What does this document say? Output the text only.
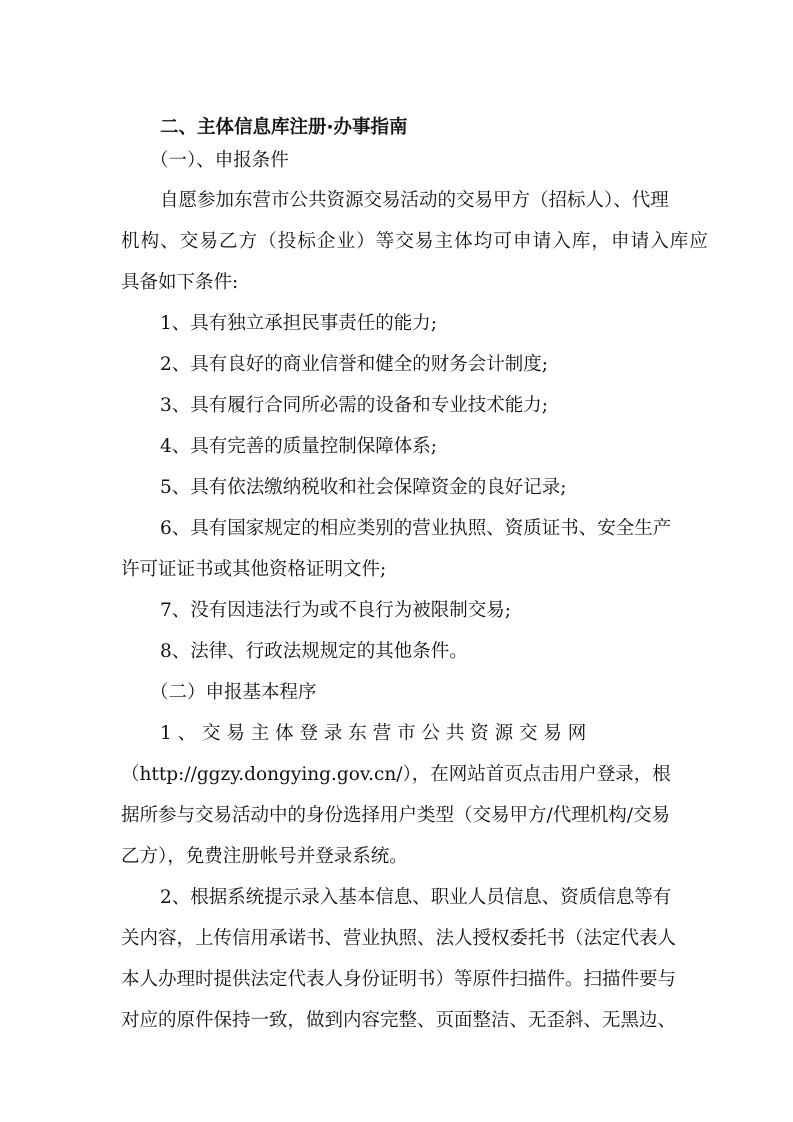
二、主体信息库注册·办事指南
（一）、申报条件
自愿参加东营市公共资源交易活动的交易甲方（招标人）、代理
机构、交易乙方（投标企业）等交易主体均可申请入库，申请入库应
具备如下条件:
1、具有独立承担民事责任的能力;
2、具有良好的商业信誉和健全的财务会计制度;
3、具有履行合同所必需的设备和专业技术能力;
4、具有完善的质量控制保障体系;
5、具有依法缴纳税收和社会保障资金的良好记录;
6、具有国家规定的相应类别的营业执照、资质证书、安全生产
许可证证书或其他资格证明文件;
7、没有因违法行为或不良行为被限制交易;
8、法律、行政法规规定的其他条件。
（二）申报基本程序
1 、 交 易 主 体 登 录 东 营 市 公 共 资 源 交 易 网
（http://ggzy.dongying.gov.cn/），在网站首页点击用户登录，根
据所参与交易活动中的身份选择用户类型（交易甲方/代理机构/交易
乙方），免费注册帐号并登录系统。
2、根据系统提示录入基本信息、职业人员信息、资质信息等有
关内容，上传信用承诺书、营业执照、法人授权委托书（法定代表人
本人办理时提供法定代表人身份证明书）等原件扫描件。扫描件要与
对应的原件保持一致，做到内容完整、页面整洁、无歪斜、无黑边、
